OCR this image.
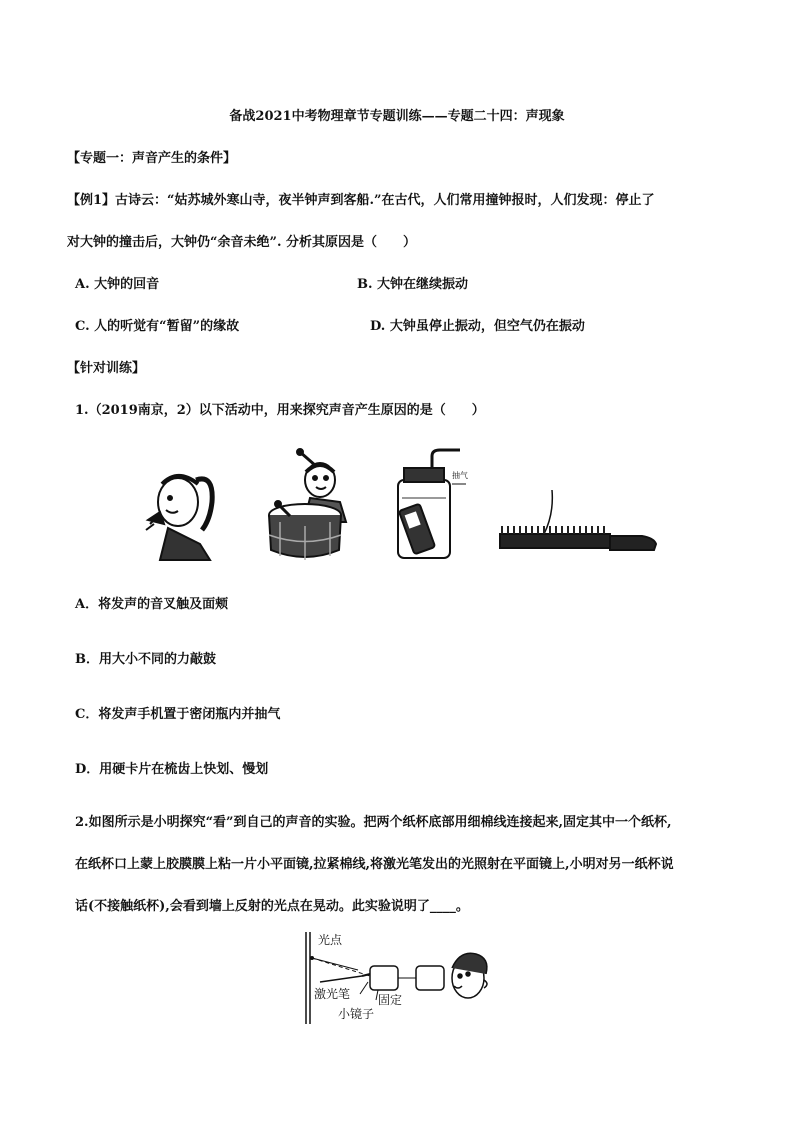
备战2021中考物理章节专题训练——专题二十四：声现象
【专题一：声音产生的条件】
【例1】古诗云：“姑苏城外寒山寺，夜半钟声到客船.”在古代，人们常用撞钟报时，人们发现：停止了
对大钟的撞击后，大钟仍“余音未绝”. 分析其原因是（　　）
A. 大钟的回音	B. 大钟在继续振动
C. 人的听觉有“暂留”的缘故	D. 大钟虽停止振动，但空气仍在振动
【针对训练】
1.（2019南京，2）以下活动中，用来探究声音产生原因的是（　　）
抽气
A．将发声的音叉触及面颊
B．用大小不同的力敲鼓
C．将发声手机置于密闭瓶内并抽气
D．用硬卡片在梳齿上快划、慢划
2.如图所示是小明探究“看”到自己的声音的实验。把两个纸杯底部用细棉线连接起来,固定其中一个纸杯,
在纸杯口上蒙上胶膜膜上粘一片小平面镜,拉紧棉线,将激光笔发出的光照射在平面镜上,小明对另一纸杯说
话(不接触纸杯),会看到墙上反射的光点在晃动。此实验说明了____。
光点
激光笔 固定
小镜子
